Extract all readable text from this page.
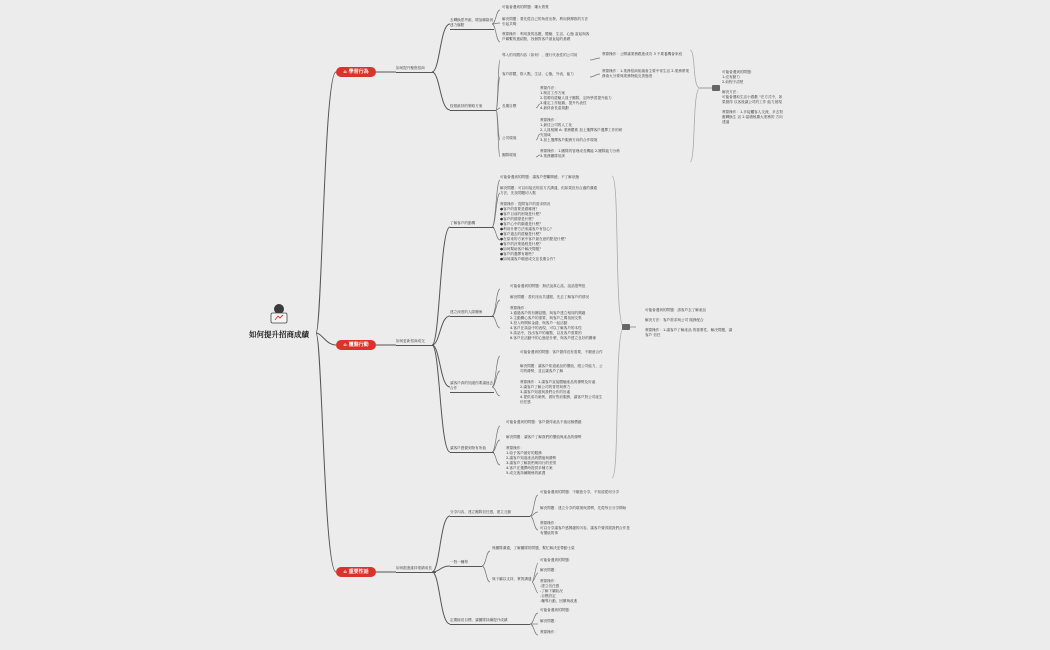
如何提升招商成績
⌂ 學習行為
⌂ 覆盤行動
⌂ 重要性話
如何提升聚焦招商
去轉換思考維，增加聯絡到達力爆點
可能會遇到的問題：嫌太貴貴
解決問題：要先從自己的角度出發，利用發揮推的方法引起共鳴
實際操作：利用我的話題，體驗、生活、心態 當起與客戶聯繫的連結點，找個對客戶最直接的基礎
按照維持的策略方案
導入的具體內容（如何）、運行代表性的公司用	實際操作：公開讓業務跟進成功 3 不要養機會家庭
客戶群體，推入點，生活、心態，外表，能力
實際操作：1.業務招商知識會主要中常生活 2.業務將業務會大分要與業務特能完善態度
長期目標
實際作法：
1.制訂工作方案
2.招聘有經驗人員子團隊，定時學習提升能力
3.確定工作組織，提升代表性
4.最終會長遠規劃
公司環境
實際操作：
1.最佳公司的人工化
2.人員相關 A: 業務體系 加上選擇客戶選擇工作的研究領域
3.加上選擇客戶服務方向的合作環境
團隊環境
實際操作：1.團隊的管理成長機能 2.團隊能力分佈 3.業務團隊培訓
可能會遇到的問題：
1.沒有動力
2.前程不清楚

解決方法：
可能會選取生活小跟歡 "在方式中，如果覺得 以客後讓公司的工作 能力展現

實際操作：1.多接觸客人交流，多去對應轉換生 活 2.當積極擴大業務的 方向建議
如何更新招商成交
了解客戶的動機
可能會遇到的問題：讓客戶想離開總，不了解狀態
解決問題：可以用接近的話方式溝通，但如果沒有合適的溝通方法，先找問題切入點
實際操作：提問客戶的需求情況
●客戶的需要是跟哪裡？
●客戶目前的困境是什麼？
●客戶的期望是什麼？
●客戶心中的顧慮是什麼？
●利用什麼方法來讓客戶有信心？
●客戶過去的經驗是什麼？
●在原來的方案中客戶最在意的點是什麼？
●客戶的決策過程是什麼？
●如何幫助客戶解決問題？
●客戶的選擇有哪些？
●如何讓客戶願意成交並長期合作？
建立深度的人際關係
可能會遇到的問題：無法說真心話，說話很彆扭
解決問題：善於找出共通點，先去了解客戶的情況
實際操作：
1.通過客戶的有關話題，與客戶建立相同的興趣
2.主動關心客戶的需要，與客戶之間找到交集
3.投入時間和金錢，與客戶一起活動
4.客戶在談話中的表現，可以了解客戶的本性
5.談話中，找出客戶的痛點，以及客戶需要的
6.客戶在活動中的心態是什麼，與客戶建立良好的關係
讓客戶真的知道你要讓他去合作
可能會遇到的問題：客戶覺得沒有需要，不願意合作
解決問題：讓客戶知道產品的價值，跟公司能力，公司的優勢，並且讓客戶了解
實際操作：1.讓客戶直接體驗產品的優勢及好處
2.讓客戶了解公司的背景與實力
3.讓客戶知道與我們合作的好處
4.提供成功案例，做好售前服務，讓客戶對公司產生信任感
讓客戶感覺到物有所值
可能會遇到的問題：客戶覺得產品不值這個價錢
解決問題：讓客戶了解我們的價值與產品的優勢
實際操作：
1.給予客戶最好的服務
2.讓客戶知道產品的價值與優勢
3.讓客戶了解我們與同行的差別
4.客戶在選擇時提供多種方案
5.成交後持續關係的維護
可能會遇到的問題：請客戶去了解產品

解決方法：客戶需求與公司 服務配合

實際操作：1.讓客戶了解產品 的重要性，解決問題，讓客戶 信任
如何跟進維持業績成長
分享內容，建立團隊信任感，建立互動
可能會遇到的問題：不願意分享，不知道從何分享
解決問題：建立分享的環境與習慣，先從每日分享開始
實際操作：
可以分享讓客戶感興趣的內容，讓客戶覺得跟我們合作是有價值的事
一對一輔導
與團隊溝通，了解團隊的問題，幫忙解決並帶動士氣
與下屬以支持、實質溝通
可能會遇到的問題：
解決問題：
實際操作：
-建立信任感
-了解下屬狀況
-目標設定
-輔導行動，回饋與改進
定期檢討目標，讓團隊持續提升成績
可能會遇到的問題：
解決問題：
實際操作：
